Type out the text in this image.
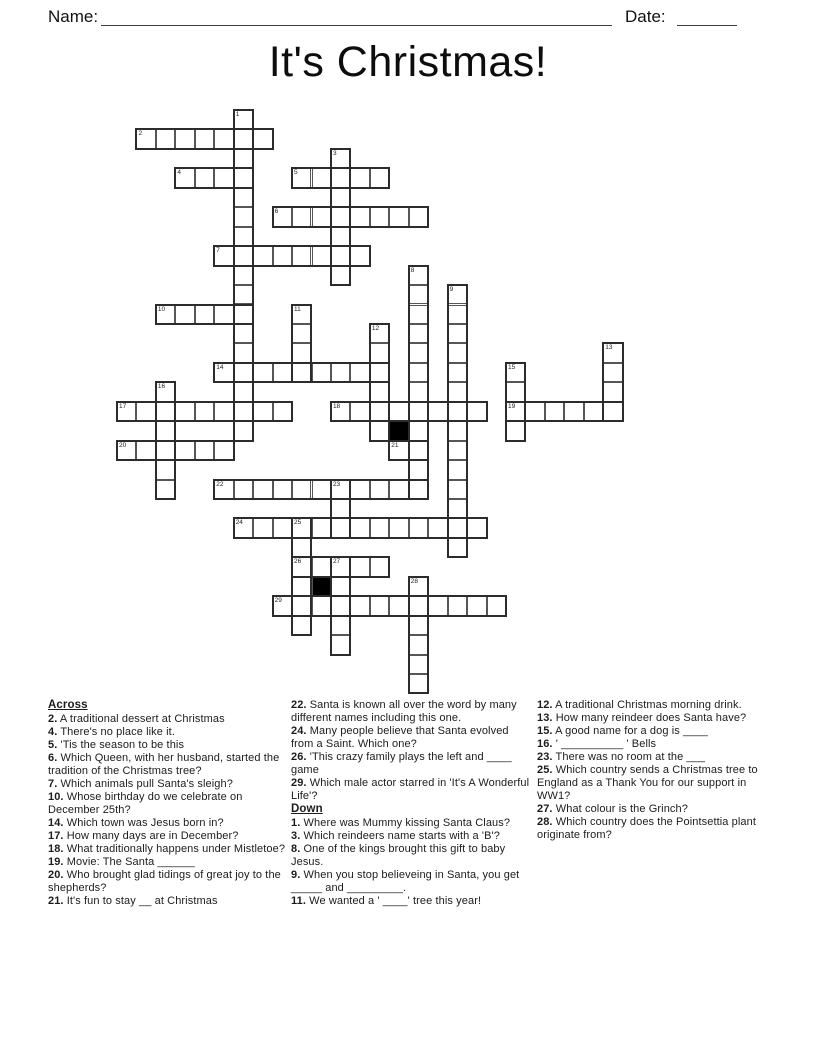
Name:	Date:
It's Christmas!
1
2
3
4	5
6
7
8
9
10	11
12
13
14	15
19
16
17	18
20	21
22	23
24	25
26	27
28
29
Across
2. A traditional dessert at Christmas
4. There's no place like it.
5. 'Tis the season to be this
6. Which Queen, with her husband, started the tradition of the Christmas tree?
7. Which animals pull Santa's sleigh?
10. Whose birthday do we celebrate on December 25th?
14. Which town was Jesus born in?
17. How many days are in December?
18. What traditionally happens under Mistletoe?
19. Movie: The Santa ______
20. Who brought glad tidings of great joy to the shepherds?
21. It's fun to stay __ at Christmas
22. Santa is known all over the word by many different names including this one.
24. Many people believe that Santa evolved from a Saint. Which one?
26. 'This crazy family plays the left and ____ game
29. Which male actor starred in 'It's A Wonderful Life'?
Down
1. Where was Mummy kissing Santa Claus?
3. Which reindeers name starts with a 'B'?
8. One of the kings brought this gift to baby Jesus.
9. When you stop believeing in Santa, you get _____ and _________.
11. We wanted a ' ____' tree this year!
12. A traditional Christmas morning drink.
13. How many reindeer does Santa have?
15. A good name for a dog is ____
16. ' __________ ' Bells
23. There was no room at the ___
25. Which country sends a Christmas tree to England as a Thank You for our support in WW1?
27. What colour is the Grinch?
28. Which country does the Pointsettia plant originate from?
